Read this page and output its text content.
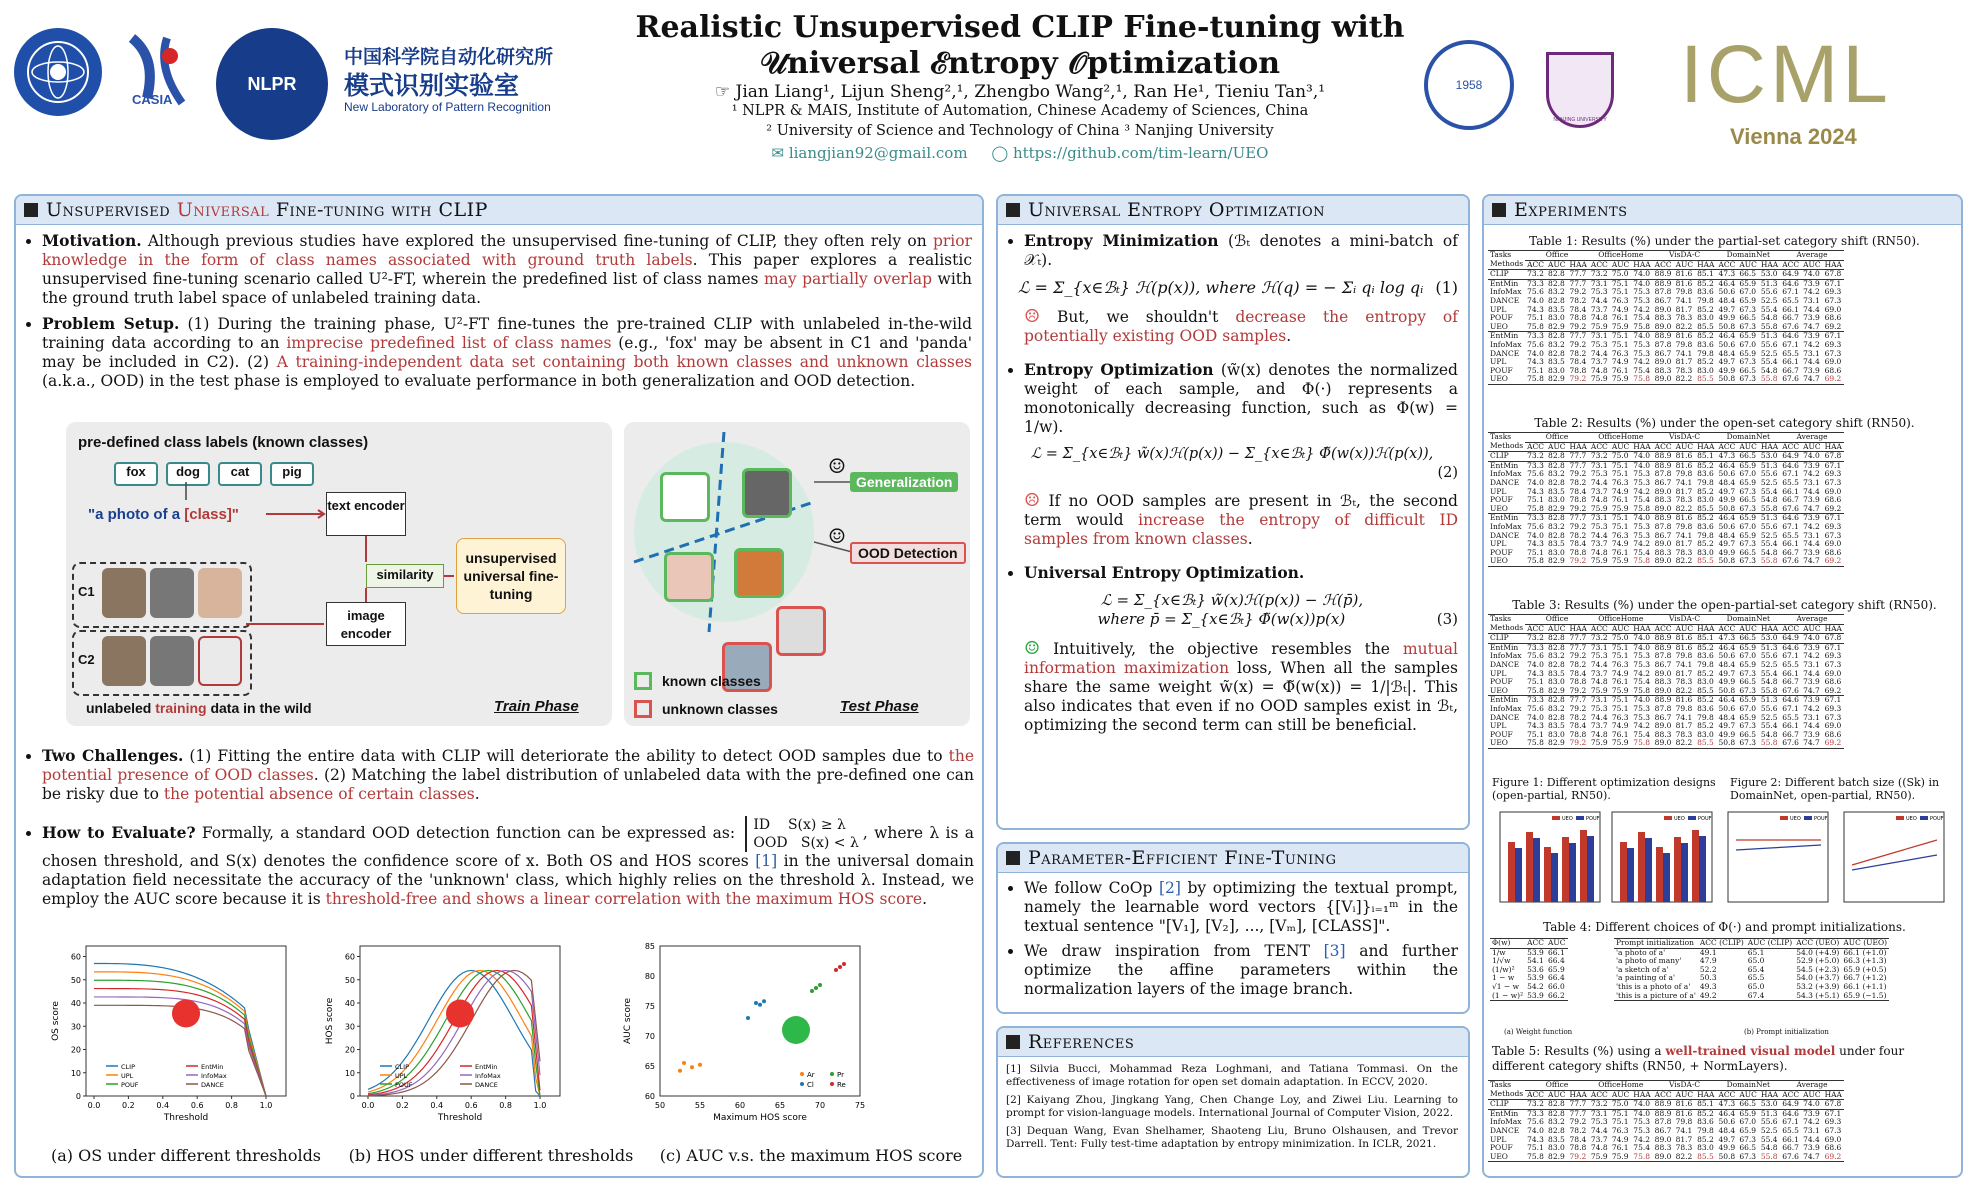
CASIA
NLPR
中国科学院自动化研究所
模式识别实验室
New Laboratory of Pattern Recognition
Realistic Unsupervised CLIP Fine-tuning with
𝒰niversal ℰntropy 𝒪ptimization
☞ Jian Liang¹, Lijun Sheng²,¹, Zhengbo Wang²,¹, Ran He¹, Tieniu Tan³,¹
¹ NLPR & MAIS, Institute of Automation, Chinese Academy of Sciences, China
² University of Science and Technology of China ³ Nanjing University
✉ liangjian92@gmail.com ◯ https://github.com/tim-learn/UEO
1958
NANJING UNIVERSITY ICML
Vienna 2024
Unsupervised Universal Fine-tuning with CLIP
• Motivation. Although previous studies have explored the unsupervised fine-tuning of CLIP, they often rely on prior knowledge in the form of class names associated with ground truth labels. This paper explores a realistic unsupervised fine-tuning scenario called U²-FT, wherein the predefined list of class names may partially overlap with the ground truth label space of unlabeled training data.
• Problem Setup. (1) During the training phase, U²-FT fine-tunes the pre-trained CLIP with unlabeled in-the-wild training data according to an imprecise predefined list of class names (e.g., 'fox' may be absent in C1 and 'panda' may be included in C2). (2) A training-independent data set containing both known classes and unknown classes (a.k.a., OOD) in the test phase is employed to evaluate performance in both generalization and OOD detection.
pre-defined class labels (known classes)
fox	dog	cat	pig
"a photo of a [class]"
text encoder
image encoder
similarity
unsupervised universal fine-tuning
C1
C2
unlabeled training data in the wild	Train Phase
☺
☺
Generalization
OOD Detection
known classes
unknown classes	Test Phase
• Two Challenges. (1) Fitting the entire data with CLIP will deteriorate the ability to detect OOD samples due to the potential presence of OOD classes. (2) Matching the label distribution of unlabeled data with the pre-defined one can be risky due to the potential absence of certain classes.
• How to Evaluate? Formally, a standard OOD detection function can be expressed as: ID    S(x) ≥ λ
OOD   S(x) < λ, where λ is a chosen threshold, and S(x) denotes the confidence score of x. Both OS and HOS scores [1] in the universal domain adaptation field necessitate the accuracy of the 'unknown' class, which highly relies on the threshold λ. Instead, we employ the AUC score because it is threshold-free and shows a linear correlation with the maximum HOS score.
0
10
20
30
40
50
60
0.0	0.2	0.4	0.6	0.8	1.0
Threshold
OS score
CLIP
UPL
POUF
EntMin
InfoMax
DANCE
0
10
20
30
40
50
60
0.0	0.2	0.4	0.6	0.8	1.0
Threshold
HOS score
CLIP
UPL
POUF
EntMin
InfoMax
DANCE
50	55	60	65	70	75
60
65
70
75
80
85
Maximum HOS score
AUC score
Ar
Cl
Pr
Re
(a) OS under different thresholds	(b) HOS under different thresholds	(c) AUC v.s. the maximum HOS score
Universal Entropy Optimization
• Entropy Minimization (ℬₜ denotes a mini-batch of 𝒳ₜ).
ℒ = Σ_{x∈ℬₜ} ℋ(p(x)), where ℋ(q) = − Σᵢ qᵢ log qᵢ (1)
☹ But, we shouldn't decrease the entropy of potentially existing OOD samples.
• Entropy Optimization (w̃(x) denotes the normalized weight of each sample, and Φ(·) represents a monotonically decreasing function, such as Φ(w) = 1/w).
ℒ = Σ_{x∈ℬₜ} w̃(x)ℋ(p(x)) − Σ_{x∈ℬₜ} Φ̃(w(x))ℋ(p(x)),
(2)
☹ If no OOD samples are present in ℬₜ, the second term would increase the entropy of difficult ID samples from known classes.
• Universal Entropy Optimization.
ℒ = Σ_{x∈ℬₜ} w̃(x)ℋ(p(x)) − ℋ(p̄),
where p̄ = Σ_{x∈ℬₜ} Φ̃(w(x))p(x)	(3)
☺ Intuitively, the objective resembles the mutual information maximization loss, When all the samples share the same weight w̃(x) = Φ̃(w(x)) = 1/|ℬₜ|. This also indicates that even if no OOD samples exist in ℬₜ, optimizing the second term can still be beneficial.
Parameter-Efficient Fine-Tuning
• We follow CoOp [2] by optimizing the textual prompt, namely the learnable word vectors {[Vᵢ]}ᵢ₌₁ᵐ in the textual sentence "[V₁], [V₂], ..., [Vₘ], [CLASS]".
• We draw inspiration from TENT [3] and further optimize the affine parameters within the normalization layers of the image branch.
References
[1] Silvia Bucci, Mohammad Reza Loghmani, and Tatiana Tommasi. On the effectiveness of image rotation for open set domain adaptation. In ECCV, 2020.
[2] Kaiyang Zhou, Jingkang Yang, Chen Change Loy, and Ziwei Liu. Learning to prompt for vision-language models. International Journal of Computer Vision, 2022.
[3] Dequan Wang, Evan Shelhamer, Shaoteng Liu, Bruno Olshausen, and Trevor Darrell. Tent: Fully test-time adaptation by entropy minimization. In ICLR, 2021.
Experiments
Table 1: Results (%) under the partial-set category shift (RN50).
Tasks	Office			OfficeHome			VisDA-C			DomainNet			Average		
Methods	ACC	AUC	HAA	ACC	AUC	HAA	ACC	AUC	HAA	ACC	AUC	HAA	ACC	AUC	HAA
CLIP	73.2	82.8	77.7	73.2	75.0	74.0	88.9	81.6	85.1	47.3	66.5	53.0	64.9	74.0	67.8
EntMin	73.3	82.8	77.7	73.1	75.1	74.0	88.9	81.6	85.2	46.4	65.9	51.3	64.6	73.9	67.1
InfoMax	75.6	83.2	79.2	75.3	75.1	75.3	87.8	79.8	83.6	50.6	67.0	55.6	67.1	74.2	69.3
DANCE	74.0	82.8	78.2	74.4	76.3	75.3	86.7	74.1	79.8	48.4	65.9	52.5	65.5	73.1	67.3
UPL	74.3	83.5	78.4	73.7	74.9	74.2	89.0	81.7	85.2	49.7	67.3	55.4	66.1	74.4	69.0
POUF	75.1	83.0	78.8	74.8	76.1	75.4	88.3	78.3	83.0	49.9	66.5	54.8	66.7	73.9	68.6
UEO	75.8	82.9	79.2	75.9	75.9	75.8	89.0	82.2	85.5	50.8	67.3	55.8	67.6	74.7	69.2
EntMin	73.3	82.8	77.7	73.1	75.1	74.0	88.9	81.6	85.2	46.4	65.9	51.3	64.6	73.9	67.1
InfoMax	75.6	83.2	79.2	75.3	75.1	75.3	87.8	79.8	83.6	50.6	67.0	55.6	67.1	74.2	69.3
DANCE	74.0	82.8	78.2	74.4	76.3	75.3	86.7	74.1	79.8	48.4	65.9	52.5	65.5	73.1	67.3
UPL	74.3	83.5	78.4	73.7	74.9	74.2	89.0	81.7	85.2	49.7	67.3	55.4	66.1	74.4	69.0
POUF	75.1	83.0	78.8	74.8	76.1	75.4	88.3	78.3	83.0	49.9	66.5	54.8	66.7	73.9	68.6
UEO	75.8	82.9	79.2	75.9	75.9	75.8	89.0	82.2	85.5	50.8	67.3	55.8	67.6	74.7	69.2
Table 2: Results (%) under the open-set category shift (RN50).
Tasks	Office			OfficeHome			VisDA-C			DomainNet			Average		
Methods	ACC	AUC	HAA	ACC	AUC	HAA	ACC	AUC	HAA	ACC	AUC	HAA	ACC	AUC	HAA
CLIP	73.2	82.8	77.7	73.2	75.0	74.0	88.9	81.6	85.1	47.3	66.5	53.0	64.9	74.0	67.8
EntMin	73.3	82.8	77.7	73.1	75.1	74.0	88.9	81.6	85.2	46.4	65.9	51.3	64.6	73.9	67.1
InfoMax	75.6	83.2	79.2	75.3	75.1	75.3	87.8	79.8	83.6	50.6	67.0	55.6	67.1	74.2	69.3
DANCE	74.0	82.8	78.2	74.4	76.3	75.3	86.7	74.1	79.8	48.4	65.9	52.5	65.5	73.1	67.3
UPL	74.3	83.5	78.4	73.7	74.9	74.2	89.0	81.7	85.2	49.7	67.3	55.4	66.1	74.4	69.0
POUF	75.1	83.0	78.8	74.8	76.1	75.4	88.3	78.3	83.0	49.9	66.5	54.8	66.7	73.9	68.6
UEO	75.8	82.9	79.2	75.9	75.9	75.8	89.0	82.2	85.5	50.8	67.3	55.8	67.6	74.7	69.2
EntMin	73.3	82.8	77.7	73.1	75.1	74.0	88.9	81.6	85.2	46.4	65.9	51.3	64.6	73.9	67.1
InfoMax	75.6	83.2	79.2	75.3	75.1	75.3	87.8	79.8	83.6	50.6	67.0	55.6	67.1	74.2	69.3
DANCE	74.0	82.8	78.2	74.4	76.3	75.3	86.7	74.1	79.8	48.4	65.9	52.5	65.5	73.1	67.3
UPL	74.3	83.5	78.4	73.7	74.9	74.2	89.0	81.7	85.2	49.7	67.3	55.4	66.1	74.4	69.0
POUF	75.1	83.0	78.8	74.8	76.1	75.4	88.3	78.3	83.0	49.9	66.5	54.8	66.7	73.9	68.6
UEO	75.8	82.9	79.2	75.9	75.9	75.8	89.0	82.2	85.5	50.8	67.3	55.8	67.6	74.7	69.2
Table 3: Results (%) under the open-partial-set category shift (RN50).
Tasks	Office			OfficeHome			VisDA-C			DomainNet			Average		
Methods	ACC	AUC	HAA	ACC	AUC	HAA	ACC	AUC	HAA	ACC	AUC	HAA	ACC	AUC	HAA
CLIP	73.2	82.8	77.7	73.2	75.0	74.0	88.9	81.6	85.1	47.3	66.5	53.0	64.9	74.0	67.8
EntMin	73.3	82.8	77.7	73.1	75.1	74.0	88.9	81.6	85.2	46.4	65.9	51.3	64.6	73.9	67.1
InfoMax	75.6	83.2	79.2	75.3	75.1	75.3	87.8	79.8	83.6	50.6	67.0	55.6	67.1	74.2	69.3
DANCE	74.0	82.8	78.2	74.4	76.3	75.3	86.7	74.1	79.8	48.4	65.9	52.5	65.5	73.1	67.3
UPL	74.3	83.5	78.4	73.7	74.9	74.2	89.0	81.7	85.2	49.7	67.3	55.4	66.1	74.4	69.0
POUF	75.1	83.0	78.8	74.8	76.1	75.4	88.3	78.3	83.0	49.9	66.5	54.8	66.7	73.9	68.6
UEO	75.8	82.9	79.2	75.9	75.9	75.8	89.0	82.2	85.5	50.8	67.3	55.8	67.6	74.7	69.2
EntMin	73.3	82.8	77.7	73.1	75.1	74.0	88.9	81.6	85.2	46.4	65.9	51.3	64.6	73.9	67.1
InfoMax	75.6	83.2	79.2	75.3	75.1	75.3	87.8	79.8	83.6	50.6	67.0	55.6	67.1	74.2	69.3
DANCE	74.0	82.8	78.2	74.4	76.3	75.3	86.7	74.1	79.8	48.4	65.9	52.5	65.5	73.1	67.3
UPL	74.3	83.5	78.4	73.7	74.9	74.2	89.0	81.7	85.2	49.7	67.3	55.4	66.1	74.4	69.0
POUF	75.1	83.0	78.8	74.8	76.1	75.4	88.3	78.3	83.0	49.9	66.5	54.8	66.7	73.9	68.6
UEO	75.8	82.9	79.2	75.9	75.9	75.8	89.0	82.2	85.5	50.8	67.3	55.8	67.6	74.7	69.2
Figure 1: Different optimization designs (open-partial, RN50).
Figure 2: Different batch size ((Sk) in DomainNet, open-partial, RN50).
UEO	POUF	UEO	POUF	UEO	POUF	UEO	POUF
Table 4: Different choices of Φ(·) and prompt initializations.
Φ(w)	ACC	AUC
1/w	53.9	66.1
1/√w	54.1	66.4
(1/w)²	53.6	65.9
1 − w	53.9	66.4
√1 − w	54.2	66.0
(1 − w)²	53.9	66.2
Prompt initialization	ACC (CLIP)	AUC (CLIP)	ACC (UEO)	AUC (UEO)
'a photo of a'	49.1	65.1	54.0 (+4.9)	66.1 (+1.0)
'a photo of many'	47.9	65.0	52.9 (+5.0)	66.3 (+1.3)
'a sketch of a'	52.2	65.4	54.5 (+2.3)	65.9 (+0.5)
'a painting of a'	50.3	65.5	54.0 (+3.7)	66.7 (+1.2)
'this is a photo of a'	49.3	65.0	53.2 (+3.9)	66.1 (+1.1)
'this is a picture of a'	49.2	67.4	54.3 (+5.1)	65.9 (−1.5)
(a) Weight function	(b) Prompt initialization
Table 5: Results (%) using a well-trained visual model under four different category shifts (RN50, + NormLayers).
Tasks	Office			OfficeHome			VisDA-C			DomainNet			Average		
Methods	ACC	AUC	HAA	ACC	AUC	HAA	ACC	AUC	HAA	ACC	AUC	HAA	ACC	AUC	HAA
CLIP	73.2	82.8	77.7	73.2	75.0	74.0	88.9	81.6	85.1	47.3	66.5	53.0	64.9	74.0	67.8
EntMin	73.3	82.8	77.7	73.1	75.1	74.0	88.9	81.6	85.2	46.4	65.9	51.3	64.6	73.9	67.1
InfoMax	75.6	83.2	79.2	75.3	75.1	75.3	87.8	79.8	83.6	50.6	67.0	55.6	67.1	74.2	69.3
DANCE	74.0	82.8	78.2	74.4	76.3	75.3	86.7	74.1	79.8	48.4	65.9	52.5	65.5	73.1	67.3
UPL	74.3	83.5	78.4	73.7	74.9	74.2	89.0	81.7	85.2	49.7	67.3	55.4	66.1	74.4	69.0
POUF	75.1	83.0	78.8	74.8	76.1	75.4	88.3	78.3	83.0	49.9	66.5	54.8	66.7	73.9	68.6
UEO	75.8	82.9	79.2	75.9	75.9	75.8	89.0	82.2	85.5	50.8	67.3	55.8	67.6	74.7	69.2
